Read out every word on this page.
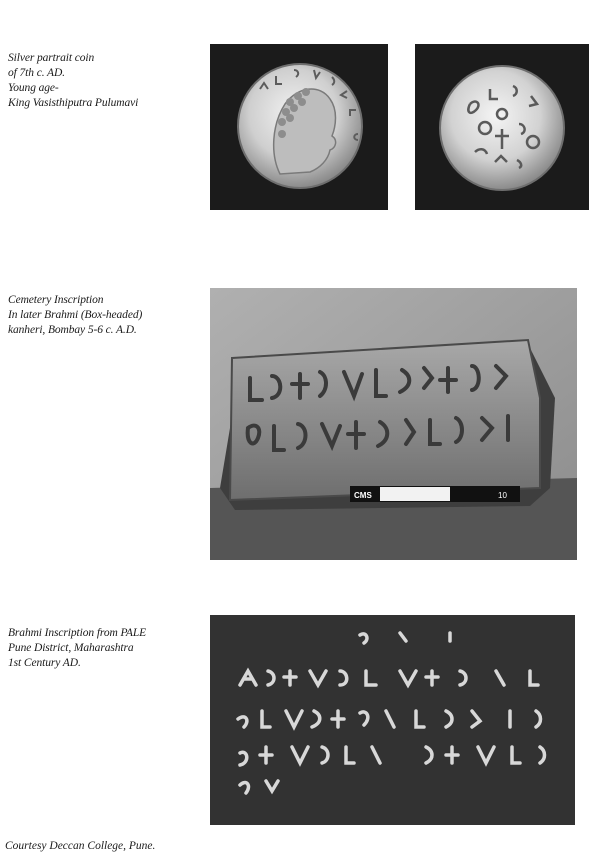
Silver partrait coin
of 7th c. AD.
Young age-
King Vasisthiputra Pulumavi
Cemetery Inscription
In later Brahmi (Box-headed)
kanheri, Bombay 5-6 c. A.D.
CMS	10
Brahmi Inscription from PALE
Pune District, Maharashtra
1st Century AD.
Courtesy Deccan College, Pune.
